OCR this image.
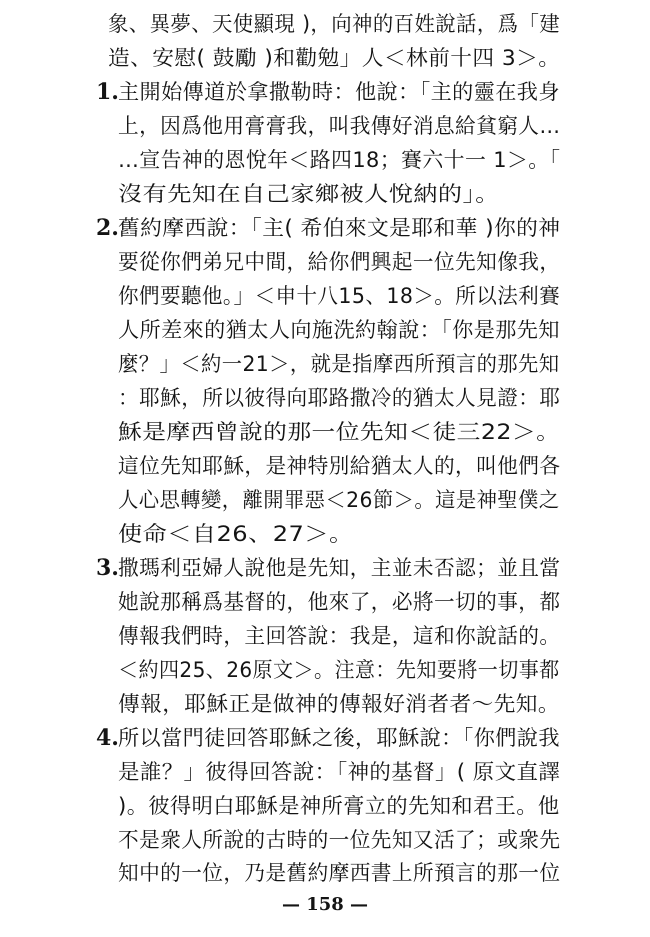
象、異夢、天使顯現 )，向神的百姓說話，爲「建
造、安慰( 鼓勵 )和勸勉」人＜林前十四 3＞。
1. 主開始傳道於拿撒勒時：他說：「主的靈在我身
上，因爲他用膏膏我，叫我傳好消息給貧窮人…
…宣告神的恩悅年＜路四18；賽六十一 1＞。「
沒有先知在自己家鄉被人悅納的」。
2. 舊約摩西說：「主( 希伯來文是耶和華 )你的神
要從你們弟兄中間，給你們興起一位先知像我，
你們要聽他。」＜申十八15、18＞。所以法利賽
人所差來的猶太人向施洗約翰說：「你是那先知
麼？」＜約一21＞，就是指摩西所預言的那先知
：耶穌，所以彼得向耶路撒冷的猶太人見證：耶
穌是摩西曾說的那一位先知＜徒三22＞。
這位先知耶穌，是神特別給猶太人的，叫他們各
人心思轉變，離開罪惡＜26節＞。這是神聖僕之
使命＜自26、27＞。
3. 撒瑪利亞婦人說他是先知，主並未否認；並且當
她說那稱爲基督的，他來了，必將一切的事，都
傳報我們時，主回答說：我是，這和你說話的。
＜約四25、26原文＞。注意：先知要將一切事都
傳報，耶穌正是做神的傳報好消者者～先知。
4. 所以當門徒回答耶穌之後，耶穌說：「你們說我
是誰？」彼得回答說：「神的基督」( 原文直譯
)。彼得明白耶穌是神所膏立的先知和君王。他
不是衆人所說的古時的一位先知又活了；或衆先
— 158 —
知中的一位，乃是舊約摩西書上所預言的那一位
